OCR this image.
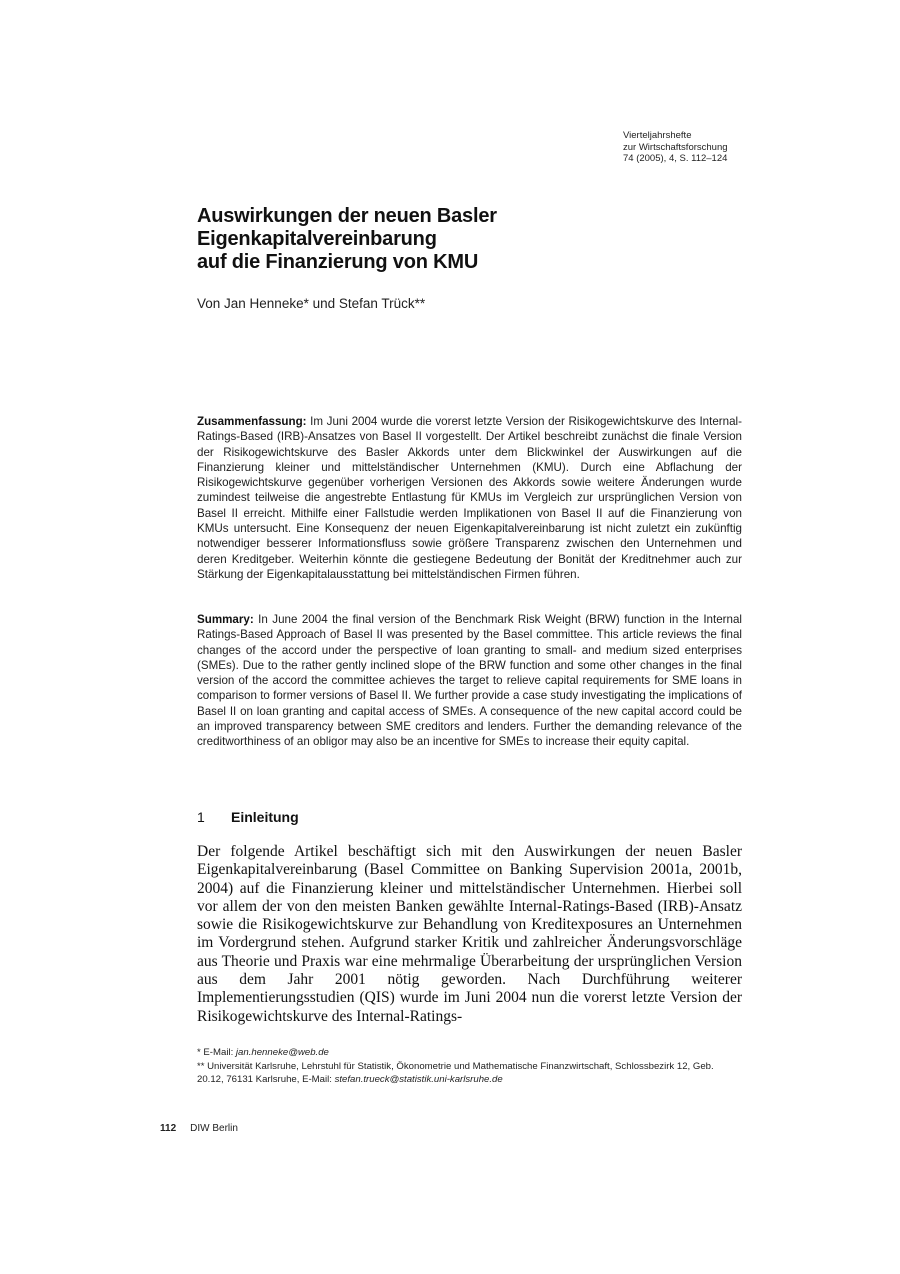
Vierteljahrshefte
zur Wirtschaftsforschung
74 (2005), 4, S. 112–124
Auswirkungen der neuen Basler
Eigenkapitalvereinbarung
auf die Finanzierung von KMU
Von Jan Henneke* und Stefan Trück**
Zusammenfassung: Im Juni 2004 wurde die vorerst letzte Version der Risikogewichtskurve des Internal-Ratings-Based (IRB)-Ansatzes von Basel II vorgestellt. Der Artikel beschreibt zunächst die finale Version der Risikogewichtskurve des Basler Akkords unter dem Blickwinkel der Auswirkungen auf die Finanzierung kleiner und mittelständischer Unternehmen (KMU). Durch eine Abflachung der Risikogewichtskurve gegenüber vorherigen Versionen des Akkords sowie weitere Änderungen wurde zumindest teilweise die angestrebte Entlastung für KMUs im Vergleich zur ursprünglichen Version von Basel II erreicht. Mithilfe einer Fallstudie werden Implikationen von Basel II auf die Finanzierung von KMUs untersucht. Eine Konsequenz der neuen Eigenkapitalvereinbarung ist nicht zuletzt ein zukünftig notwendiger besserer Informationsfluss sowie größere Transparenz zwischen den Unternehmen und deren Kreditgeber. Weiterhin könnte die gestiegene Bedeutung der Bonität der Kreditnehmer auch zur Stärkung der Eigenkapitalausstattung bei mittelständischen Firmen führen.
Summary: In June 2004 the final version of the Benchmark Risk Weight (BRW) function in the Internal Ratings-Based Approach of Basel II was presented by the Basel committee. This article reviews the final changes of the accord under the perspective of loan granting to small- and medium sized enterprises (SMEs). Due to the rather gently inclined slope of the BRW function and some other changes in the final version of the accord the committee achieves the target to relieve capital requirements for SME loans in comparison to former versions of Basel II. We further provide a case study investigating the implications of Basel II on loan granting and capital access of SMEs. A consequence of the new capital accord could be an improved transparency between SME creditors and lenders. Further the demanding relevance of the creditworthiness of an obligor may also be an incentive for SMEs to increase their equity capital.
1 Einleitung
Der folgende Artikel beschäftigt sich mit den Auswirkungen der neuen Basler Eigenkapitalvereinbarung (Basel Committee on Banking Supervision 2001a, 2001b, 2004) auf die Finanzierung kleiner und mittelständischer Unternehmen. Hierbei soll vor allem der von den meisten Banken gewählte Internal-Ratings-Based (IRB)-Ansatz sowie die Risikogewichtskurve zur Behandlung von Kreditexposures an Unternehmen im Vordergrund stehen. Aufgrund starker Kritik und zahlreicher Änderungsvorschläge aus Theorie und Praxis war eine mehrmalige Überarbeitung der ursprünglichen Version aus dem Jahr 2001 nötig geworden. Nach Durchführung weiterer Implementierungsstudien (QIS) wurde im Juni 2004 nun die vorerst letzte Version der Risikogewichtskurve des Internal-Ratings-

* E-Mail: jan.henneke@web.de

** Universität Karlsruhe, Lehrstuhl für Statistik, Ökonometrie und Mathematische Finanzwirtschaft, Schlossbezirk 12, Geb. 20.12, 76131 Karlsruhe, E-Mail: stefan.trueck@statistik.uni-karlsruhe.de

112 DIW Berlin
